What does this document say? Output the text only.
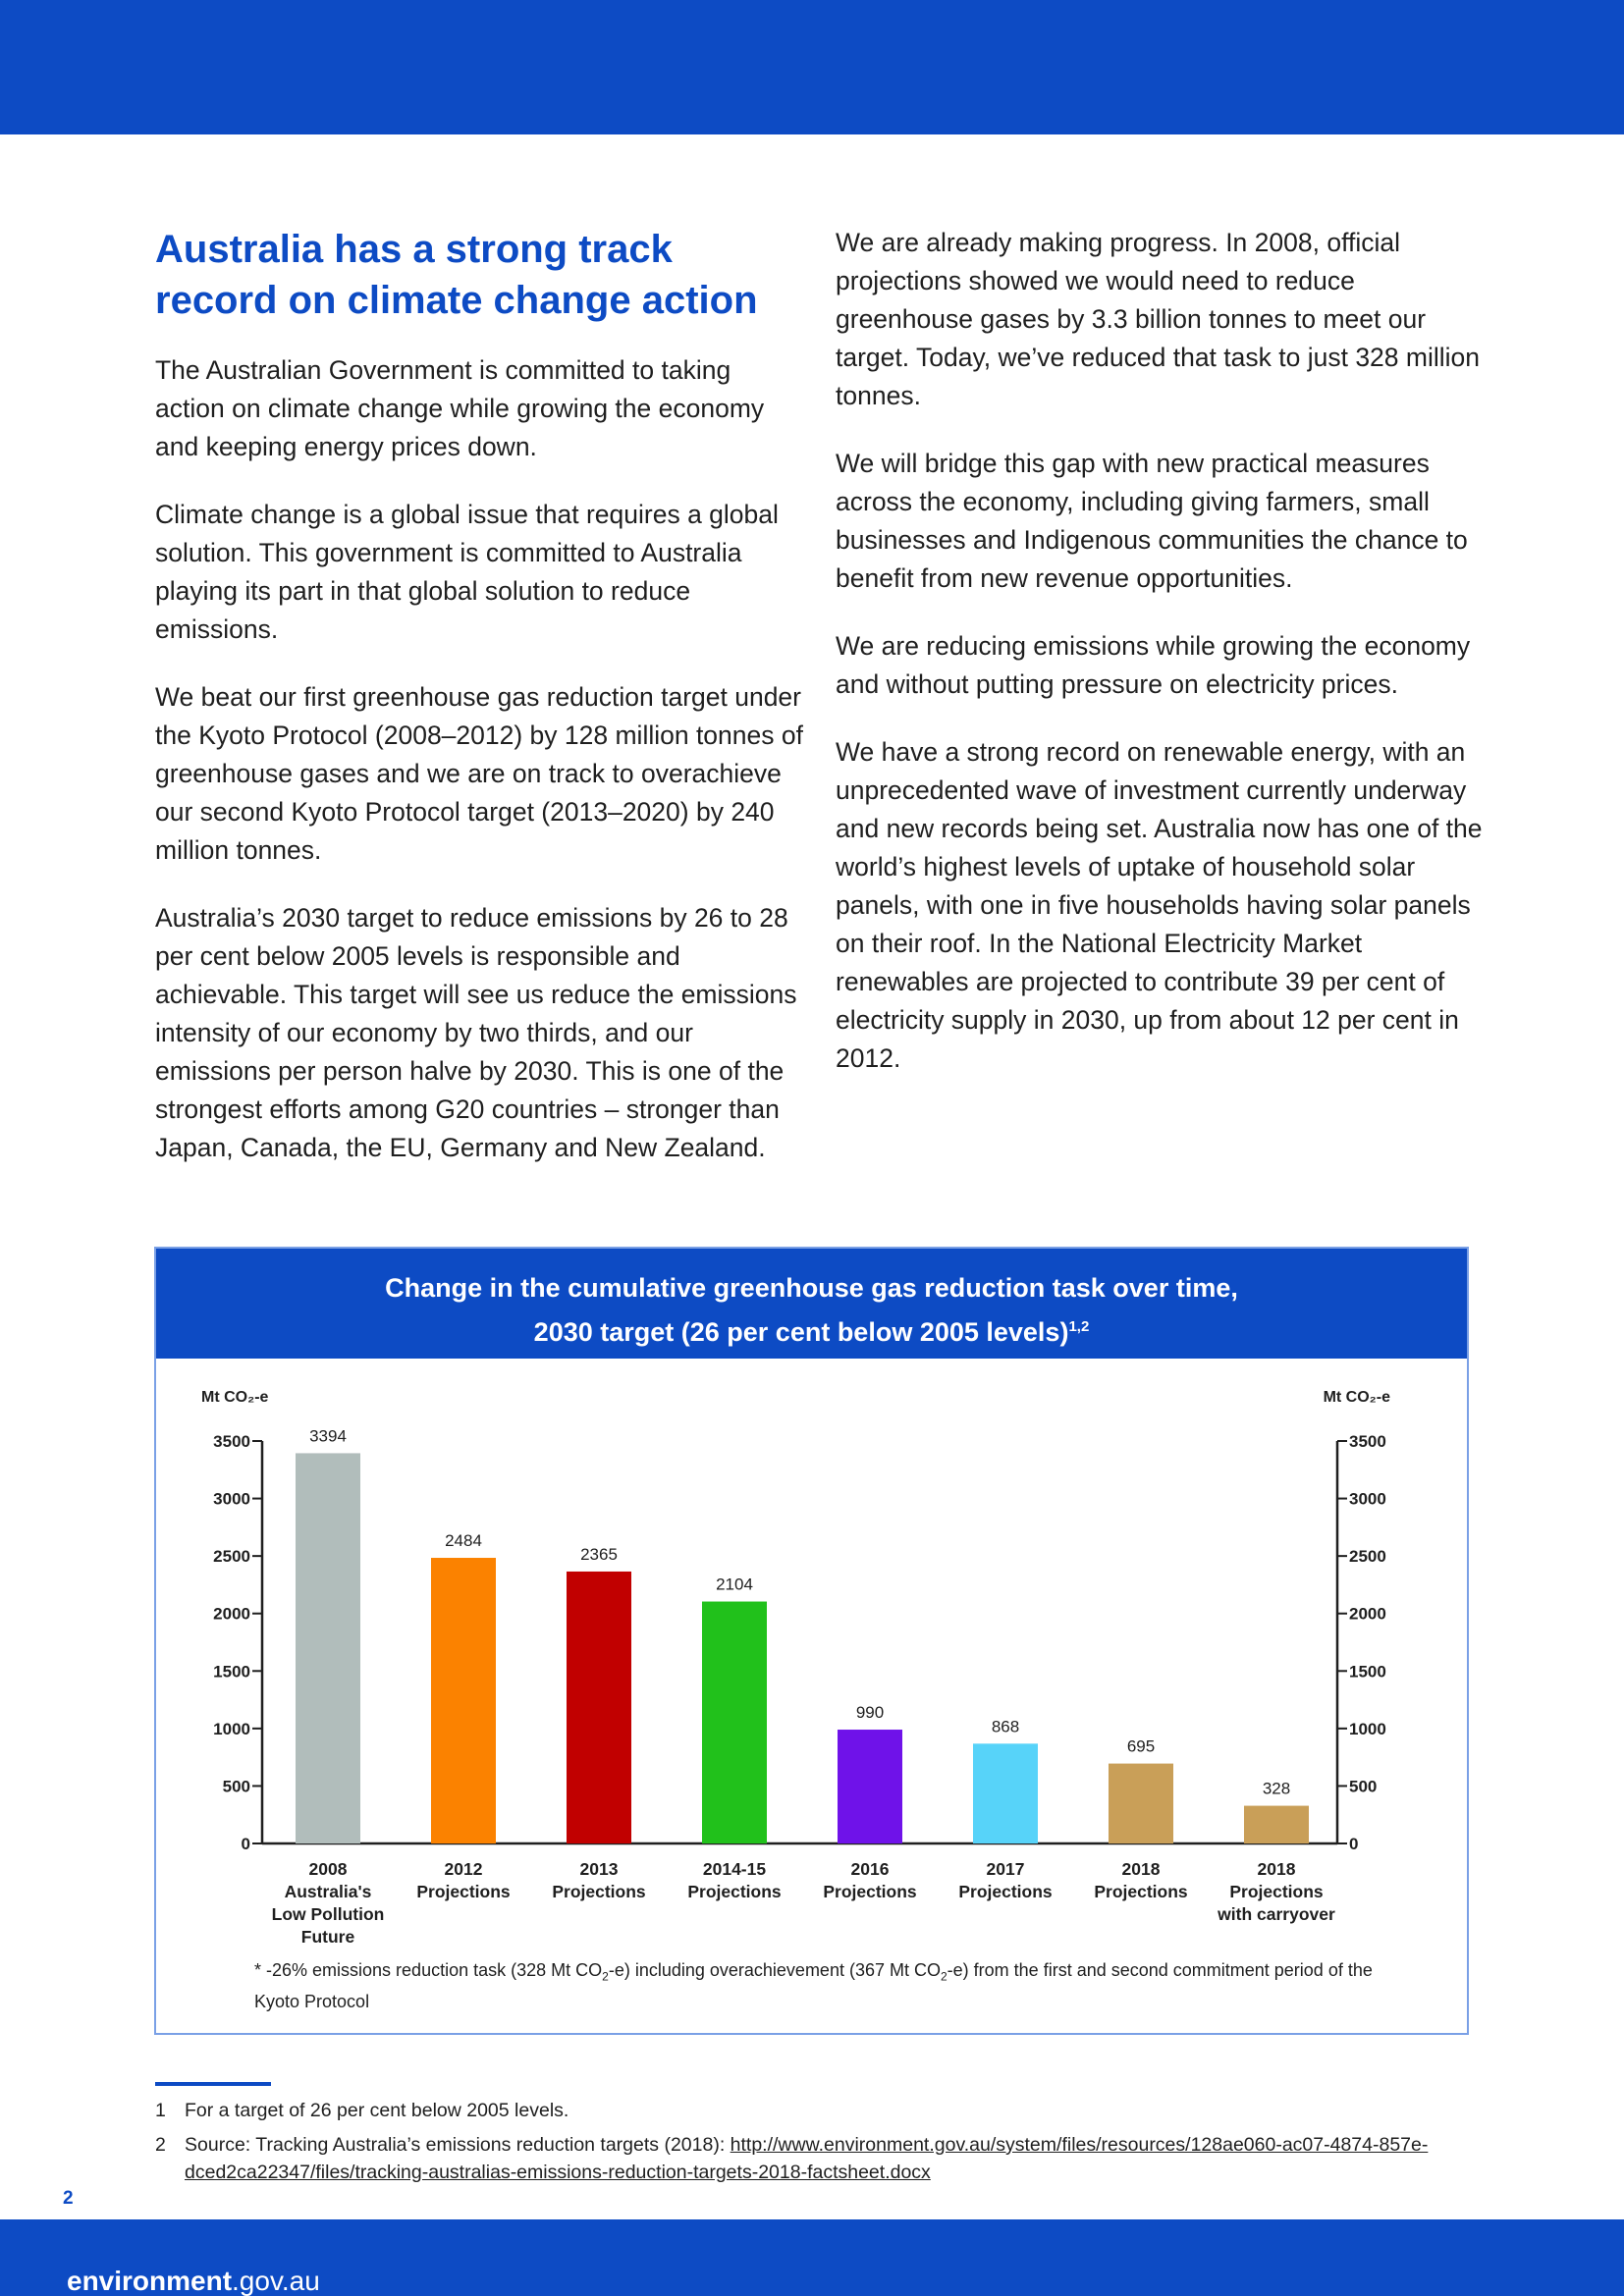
Australia has a strong track record on climate change action

The Australian Government is committed to taking action on climate change while growing the economy and keeping energy prices down.

Climate change is a global issue that requires a global solution. This government is committed to Australia playing its part in that global solution to reduce emissions.

We beat our first greenhouse gas reduction target under the Kyoto Protocol (2008–2012) by 128 million tonnes of greenhouse gases and we are on track to overachieve our second Kyoto Protocol target (2013–2020) by 240 million tonnes.

Australia’s 2030 target to reduce emissions by 26 to 28 per cent below 2005 levels is responsible and achievable. This target will see us reduce the emissions intensity of our economy by two thirds, and our emissions per person halve by 2030. This is one of the strongest efforts among G20 countries – stronger than Japan, Canada, the EU, Germany and New Zealand.

We are already making progress. In 2008, official projections showed we would need to reduce greenhouse gases by 3.3 billion tonnes to meet our target. Today, we’ve reduced that task to just 328 million tonnes.

We will bridge this gap with new practical measures across the economy, including giving farmers, small businesses and Indigenous communities the chance to benefit from new revenue opportunities.

We are reducing emissions while growing the economy and without putting pressure on electricity prices.

We have a strong record on renewable energy, with an unprecedented wave of investment currently underway and new records being set. Australia now has one of the world’s highest levels of uptake of household solar panels, with one in five households having solar panels on their roof. In the National Electricity Market renewables are projected to contribute 39 per cent of electricity supply in 2030, up from about 12 per cent in 2012.

Change in the cumulative greenhouse gas reduction task over time,
2030 target (26 per cent below 2005 levels)$^{1,2}$
Mt CO₂-e	Mt CO₂-e
0	0
500	500
1000	1000
1500	1500
2000	2000
2500	2500
3000	3000
3500	3500
3394
2008
Australia's
Low Pollution
Future
2484
2012
Projections
2365
2013
Projections
2104
2014-15
Projections
990
2016
Projections
868
2017
Projections
695
2018
Projections
328
2018
Projections
with carryover
* -26% emissions reduction task (328 Mt $CO_2-e$) including overachievement (367 Mt $CO_2-e$) from the first and second commitment period of the Kyoto Protocol
1 For a target of 26 per cent below 2005 levels.
2 Source: Tracking Australia’s emissions reduction targets (2018): http://www.environment.gov.au/system/files/resources/128ae060-ac07-4874-857e-dced2ca22347/files/tracking-australias-emissions-reduction-targets-2018-factsheet.docx
2
environment.gov.au
